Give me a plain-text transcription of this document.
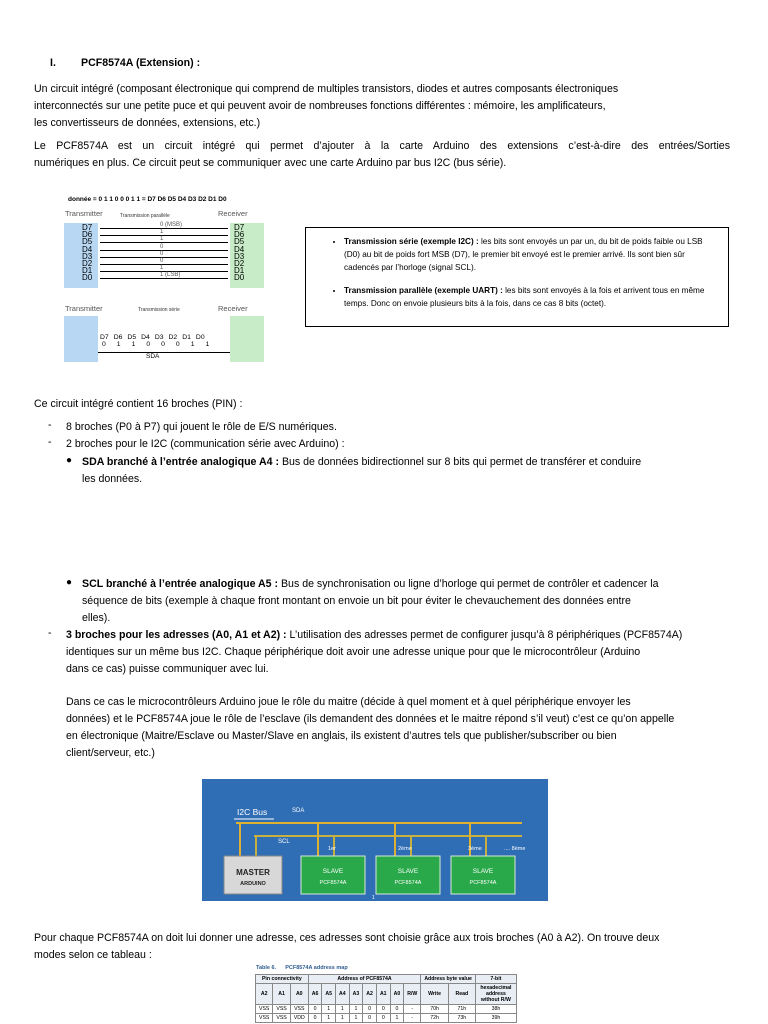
I. PCF8574A (Extension) :

Un circuit intégré (composant électronique qui comprend de multiples transistors, diodes et autres composants électroniques

interconnectés sur une petite puce et qui peuvent avoir de nombreuses fonctions différentes : mémoire, les amplificateurs,

les convertisseurs de données, extensions, etc.)

Le PCF8574A est un circuit intégré qui permet d’ajouter à la carte Arduino des extensions c’est-à-dire des entrées/Sorties

numériques en plus. Ce circuit peut se communiquer avec une carte Arduino par bus I2C (bus série).

donnée = 0 1 1 0 0 0 1 1 = D7 D6 D5 D4 D3 D2 D1 D0
Transmitter	Transmission parallèle	Receiver
D7	0 (MSB)	D7
D6	1	D6
D5	1	D5
D4	0	D4
D3	0	D3
D2	0	D2
D1	1	D1
D0	1 (LSB)	D0
Transmitter	Transmission série	Receiver
D7 D6 D5 D4 D3 D2 D1 D0
0 1 1 0 0 0 1 1
SDA
• Transmission série (exemple I2C) : les bits sont envoyés un par un, du bit de poids faible ou LSB (D0) au bit de poids fort MSB (D7), le premier bit envoyé est le premier arrivé. Ils sont bien sûr cadencés par l’horloge (signal SCL).
• Transmission parallèle (exemple UART) : les bits sont envoyés à la fois et arrivent tous en même temps. Donc on envoie plusieurs bits à la fois, dans ce cas 8 bits (octet).

Ce circuit intégré contient 16 broches (PIN) :

- 8 broches (P0 à P7) qui jouent le rôle de E/S numériques.
- 2 broches pour le I2C (communication série avec Arduino) :
● SDA branché à l’entrée analogique A4 : Bus de données bidirectionnel sur 8 bits qui permet de transférer et conduire
les données.
● SCL branché à l’entrée analogique A5 : Bus de synchronisation ou ligne d’horloge qui permet de contrôler et cadencer la
séquence de bits (exemple à chaque front montant on envoie un bit pour éviter le chevauchement des données entre
elles).
- 3 broches pour les adresses (A0, A1 et A2) : L’utilisation des adresses permet de configurer jusqu’à 8 périphériques (PCF8574A)
identiques sur un même bus I2C. Chaque périphérique doit avoir une adresse unique pour que le microcontrôleur (Arduino
dans ce cas) puisse communiquer avec lui.
Dans ce cas le microcontrôleurs Arduino joue le rôle du maitre (décide à quel moment et à quel périphérique envoyer les
données) et le PCF8574A joue le rôle de l’esclave (ils demandent des données et le maitre répond s’il veut) c’est ce qu’on appelle
en électronique (Maitre/Esclave ou Master/Slave en anglais, ils existent d’autres tels que publisher/subscriber ou bien
client/serveur, etc.)
I2C Bus	SDA
SCL
MASTER
ARDUINO
1er
SLAVE
PCF8574A
2ème
SLAVE
PCF8574A
3ème
SLAVE
PCF8574A
.... 8ème
1

Pour chaque PCF8574A on doit lui donner une adresse, ces adresses sont choisie grâce aux trois broches (A0 à A2). On trouve deux

modes selon ce tableau :

Table 6.      PCF8574A address map
Pin connectivity			Address of PCF8574A								Address byte value		7-bit
A2	A1	A0	A6	A5	A4	A3	A2	A1	A0	R/W	Write	Read	hexadecimal address without R/W
VSS	VSS	VSS	0	1	1	1	0	0	0	-	70h	71h	38h
VSS	VSS	VDD	0	1	1	1	0	0	1	-	72h	73h	39h
